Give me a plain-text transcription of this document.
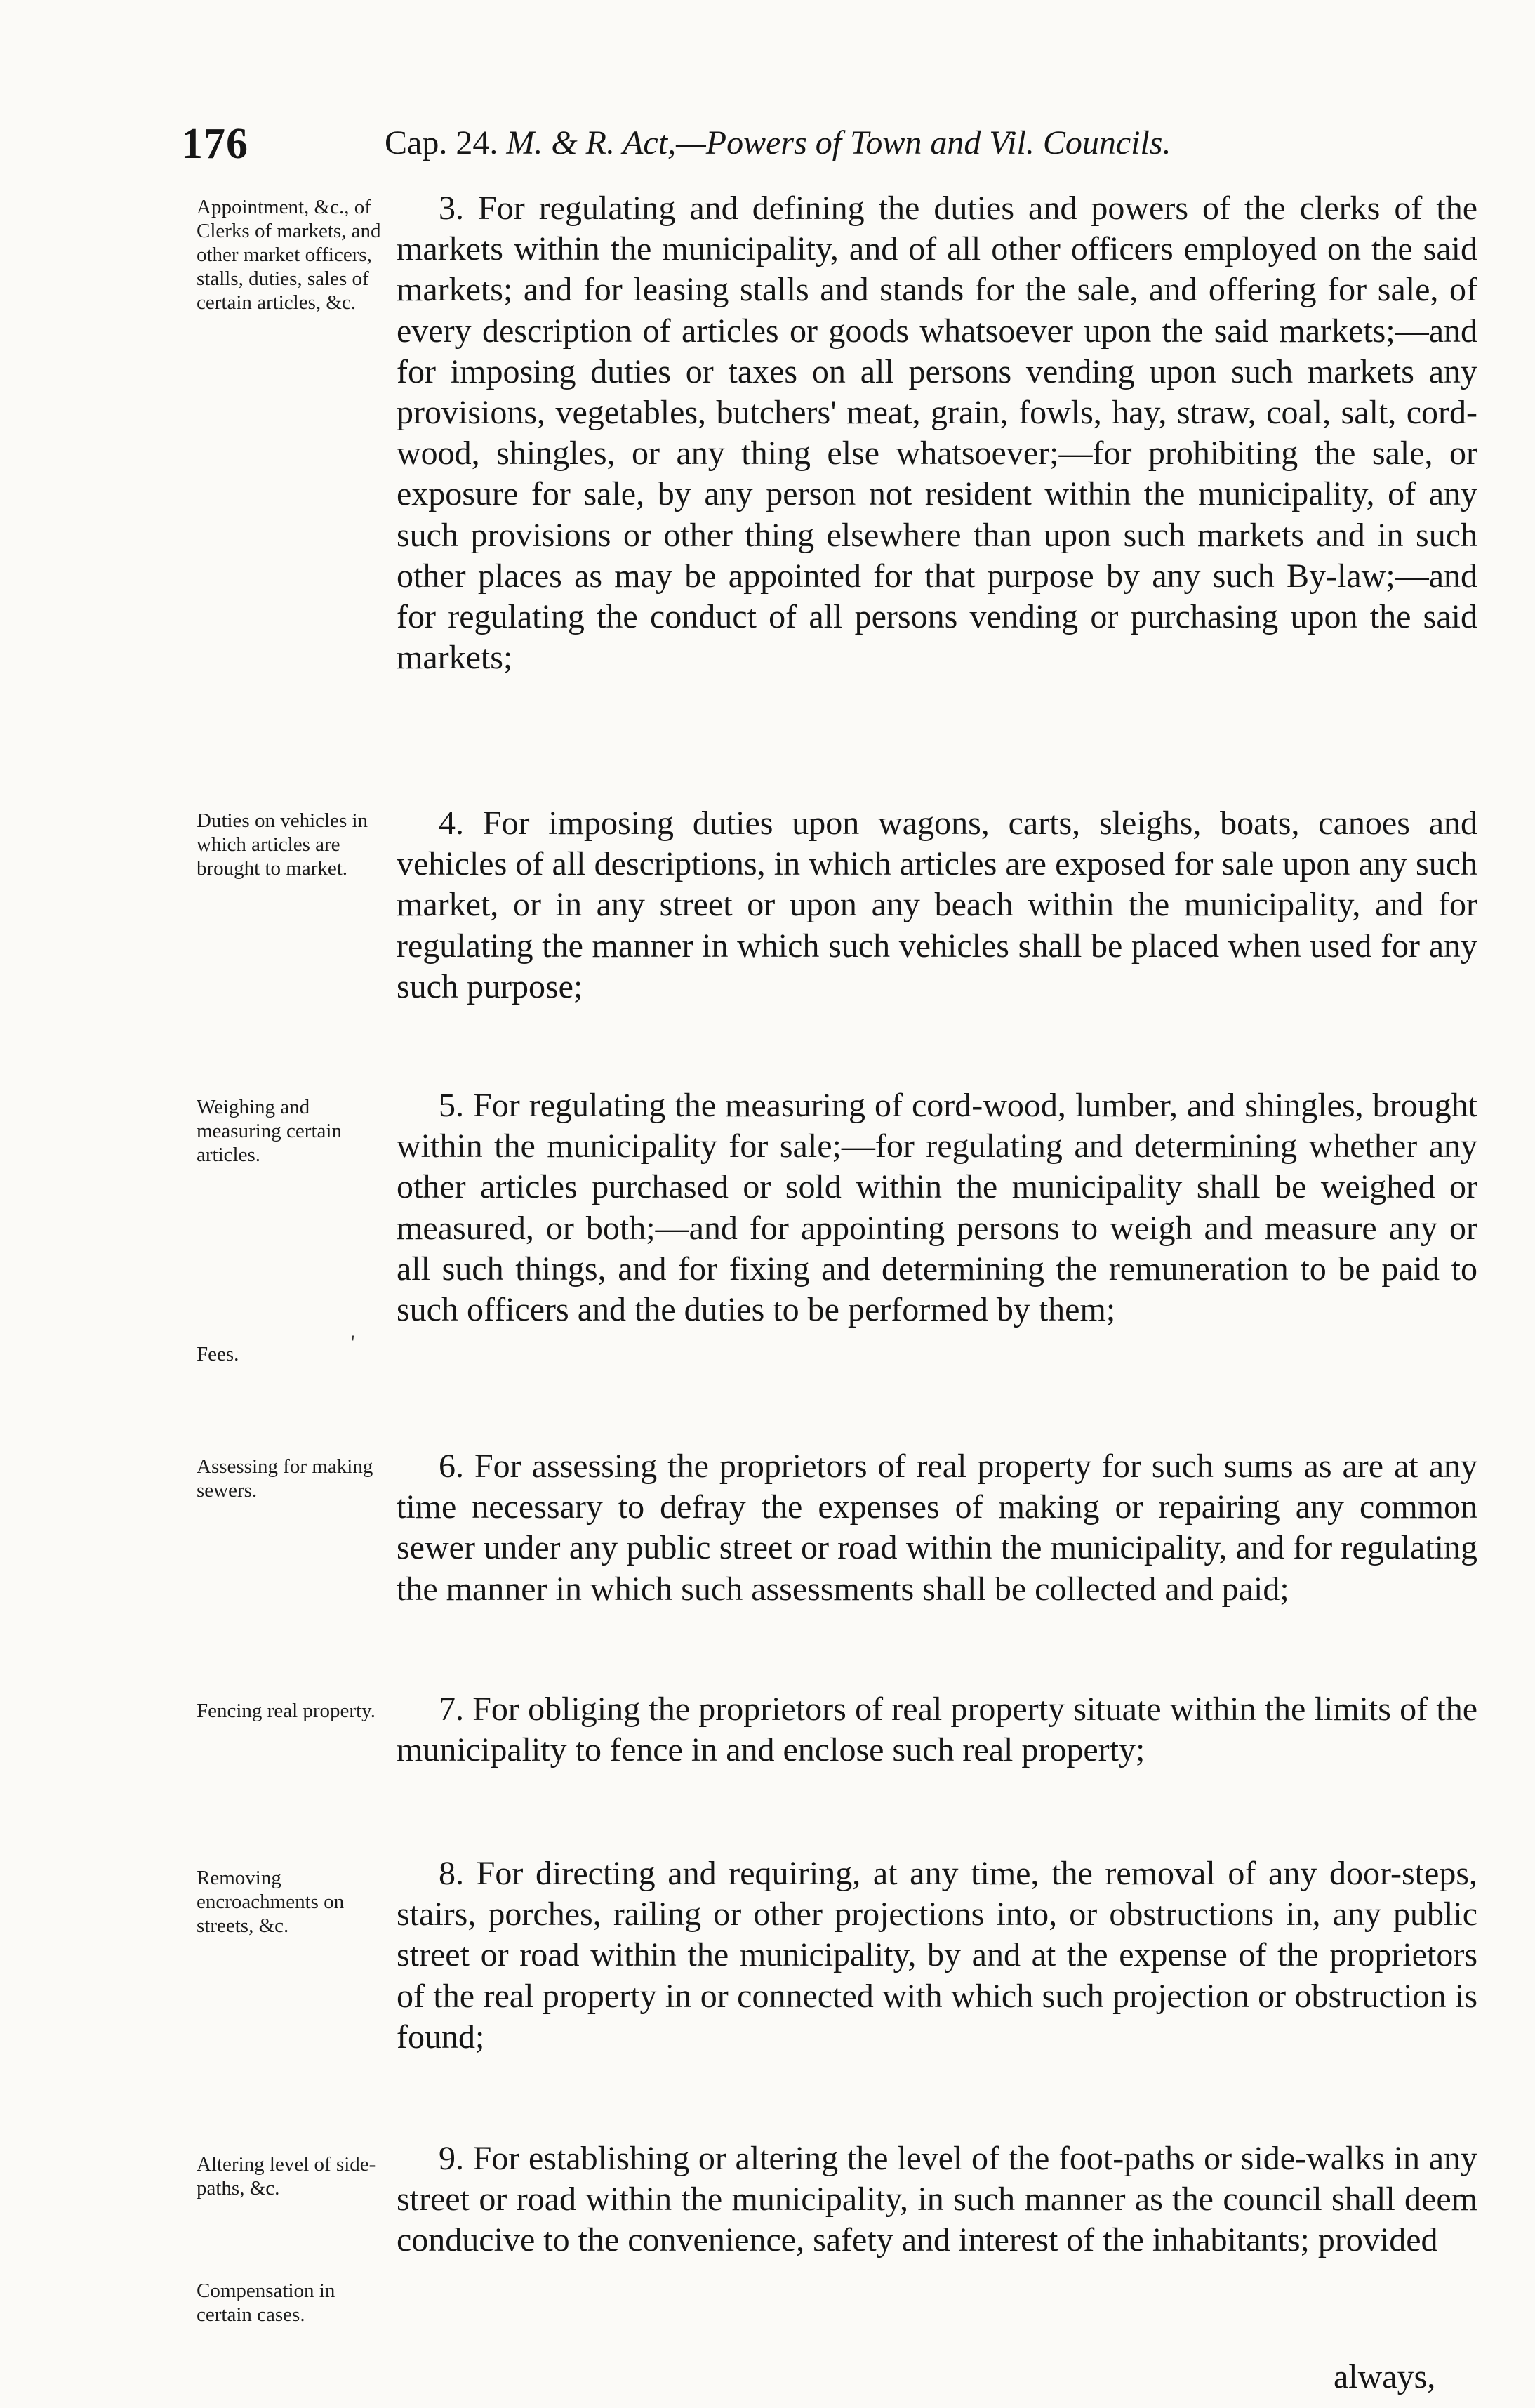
176	Cap. 24. M. & R. Act,—Powers of Town and Vil. Councils.
Appointment, &c., of Clerks of markets, and other market officers, stalls, duties, sales of certain articles, &c.
Duties on vehicles in which articles are brought to market.
Weighing and measuring certain articles.
Fees.	'
Assessing for making sewers.
Fencing real property.
Removing encroachments on streets, &c.
Altering level of side-paths, &c.
Compensation in certain cases.
3. For regulating and defining the duties and powers of the clerks of the markets within the municipality, and of all other officers employed on the said markets; and for leasing stalls and stands for the sale, and offering for sale, of every description of articles or goods whatsoever upon the said markets;—and for imposing duties or taxes on all persons vending upon such markets any provisions, vegetables, butchers' meat, grain, fowls, hay, straw, coal, salt, cord-wood, shingles, or any thing else whatsoever;—for prohibiting the sale, or exposure for sale, by any person not resident within the municipality, of any such provisions or other thing elsewhere than upon such markets and in such other places as may be appointed for that purpose by any such By-law;—and for regulating the conduct of all persons vending or purchasing upon the said markets;
4. For imposing duties upon wagons, carts, sleighs, boats, canoes and vehicles of all descriptions, in which articles are exposed for sale upon any such market, or in any street or upon any beach within the municipality, and for regulating the manner in which such vehicles shall be placed when used for any such purpose;
5. For regulating the measuring of cord-wood, lumber, and shingles, brought within the municipality for sale;—for regulating and determining whether any other articles purchased or sold within the municipality shall be weighed or measured, or both;—and for appointing persons to weigh and measure any or all such things, and for fixing and determining the remuneration to be paid to such officers and the duties to be performed by them;
6. For assessing the proprietors of real property for such sums as are at any time necessary to defray the expenses of making or repairing any common sewer under any public street or road within the municipality, and for regulating the manner in which such assessments shall be collected and paid;
7. For obliging the proprietors of real property situate within the limits of the municipality to fence in and enclose such real property;
8. For directing and requiring, at any time, the removal of any door-steps, stairs, porches, railing or other projections into, or obstructions in, any public street or road within the municipality, by and at the expense of the proprietors of the real property in or connected with which such projection or obstruction is found;
9. For establishing or altering the level of the foot-paths or side-walks in any street or road within the municipality, in such manner as the council shall deem conducive to the convenience, safety and interest of the inhabitants; provided
always,
